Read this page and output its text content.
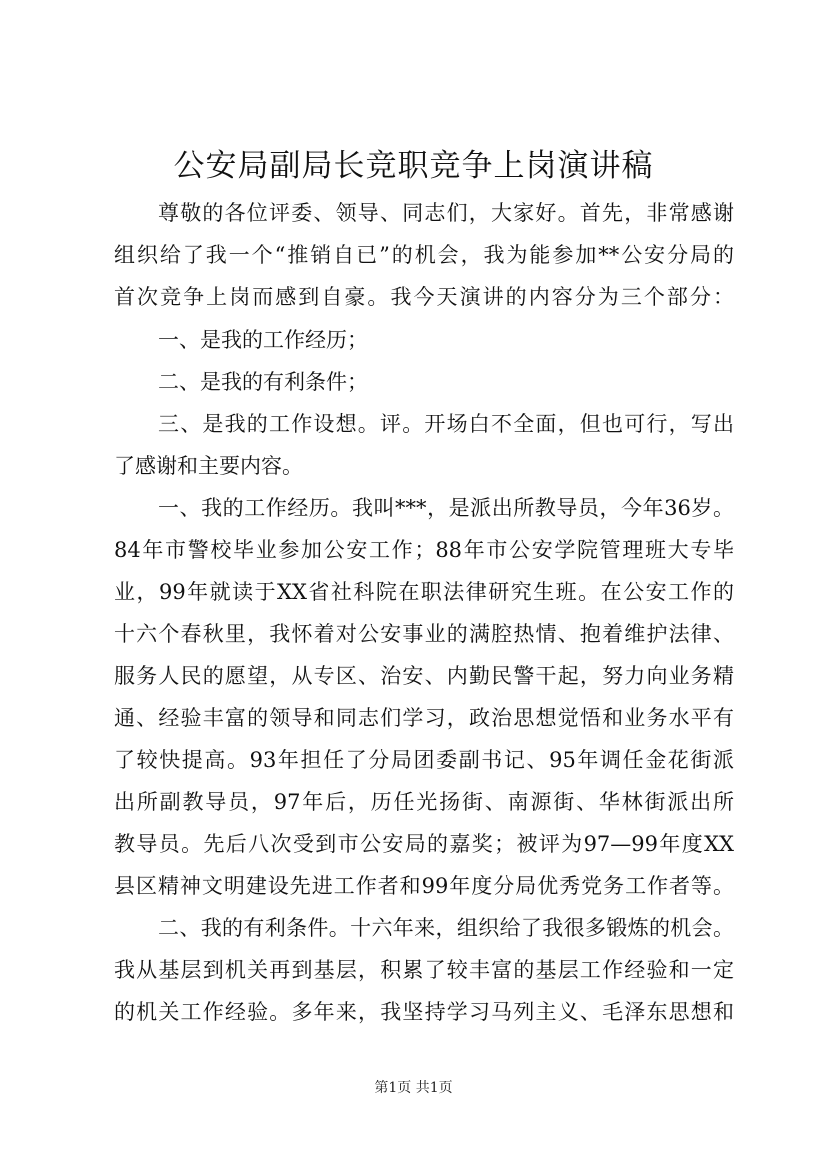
公安局副局长竞职竞争上岗演讲稿
尊敬的各位评委、领导、同志们，大家好。首先，非常感谢
组织给了我一个“推销自已”的机会，我为能参加**公安分局的
首次竞争上岗而感到自豪。我今天演讲的内容分为三个部分：
一、是我的工作经历；
二、是我的有利条件；
三、是我的工作设想。评。开场白不全面，但也可行，写出
了感谢和主要内容。
一、我的工作经历。我叫***，是派出所教导员，今年36岁。
84年市警校毕业参加公安工作；88年市公安学院管理班大专毕
业，99年就读于XX省社科院在职法律研究生班。在公安工作的
十六个春秋里，我怀着对公安事业的满腔热情、抱着维护法律、
服务人民的愿望，从专区、治安、内勤民警干起，努力向业务精
通、经验丰富的领导和同志们学习，政治思想觉悟和业务水平有
了较快提高。93年担任了分局团委副书记、95年调任金花街派
出所副教导员，97年后，历任光扬街、南源街、华林街派出所
教导员。先后八次受到市公安局的嘉奖；被评为97—99年度XX
县区精神文明建设先进工作者和99年度分局优秀党务工作者等。
二、我的有利条件。十六年来，组织给了我很多锻炼的机会。
我从基层到机关再到基层，积累了较丰富的基层工作经验和一定
的机关工作经验。多年来，我坚持学习马列主义、毛泽东思想和
第1页 共1页
